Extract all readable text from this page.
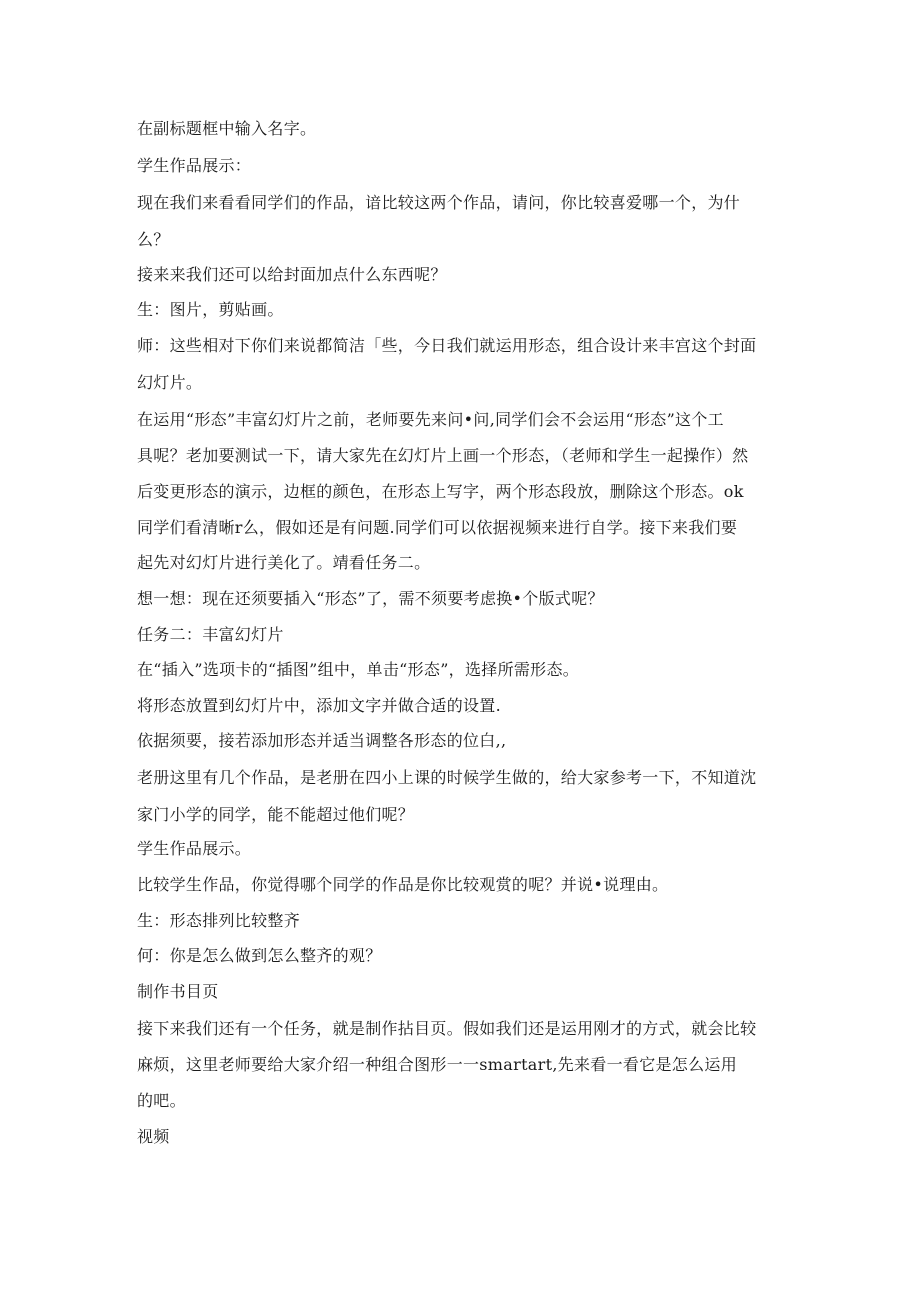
在副标题框中输入名字。
学生作品展示：
现在我们来看看同学们的作品，谙比较这两个作品，请问，你比较喜爱哪一个，为什
么？
接来来我们还可以给封面加点什么东西呢？
生：图片，剪贴画。
师：这些相对下你们来说都简洁「些，今日我们就运用形态，组合设计来丰宫这个封面
幻灯片。
在运用“形态”丰富幻灯片之前，老师要先来问•问,同学们会不会运用“形态”这个工
具呢？老加要测试一下，请大家先在幻灯片上画一个形态，（老师和学生一起操作）然
后变更形态的演示，边框的颜色，在形态上写字，两个形态段放，删除这个形态。ok
同学们看清晰r么，假如还是有问题.同学们可以依据视频来进行自学。接下来我们要
起先对幻灯片进行美化了。靖看任务二。
想一想：现在还须要插入“形态”了，需不须要考虑换•个版式呢？
任务二：丰富幻灯片
在“插入”选项卡的“插图”组中，单击“形态”，选择所需形态。
将形态放置到幻灯片中，添加文字并做合适的设置.
依据须要，接若添加形态并适当调整各形态的位白,,
老册这里有几个作品，是老册在四小上课的时候学生做的，给大家参考一下，不知道沈
家门小学的同学，能不能超过他们呢？
学生作品展示。
比较学生作品，你觉得哪个同学的作品是你比较观赏的呢？并说•说理由。
生：形态排列比较整齐
何：你是怎么做到怎么整齐的观？
制作书目页
接下来我们还有一个任务，就是制作拈目页。假如我们还是运用刚才的方式，就会比较
麻烦，这里老师要给大家介绍一种组合图形一一smartart,先来看一看它是怎么运用
的吧。
视频
